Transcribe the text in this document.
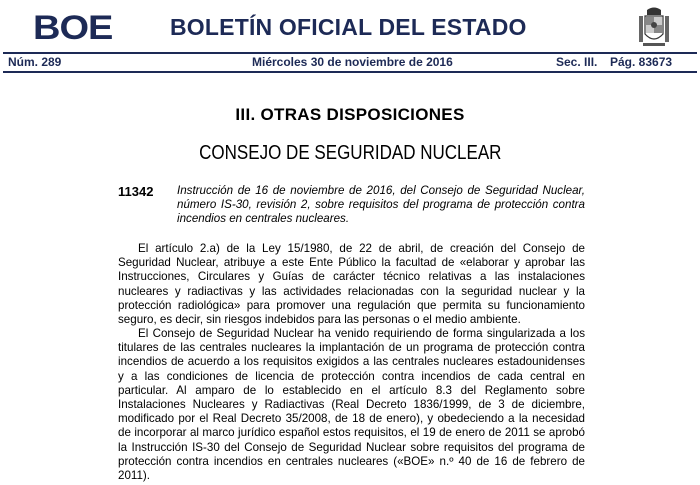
BOE	BOLETÍN OFICIAL DEL ESTADO
Núm. 289	Miércoles 30 de noviembre de 2016	Sec. III. Pág. 83673
III. OTRAS DISPOSICIONES
CONSEJO DE SEGURIDAD NUCLEAR
11342 Instrucción de 16 de noviembre de 2016, del Consejo de Seguridad Nuclear, número IS-30, revisión 2, sobre requisitos del programa de protección contra incendios en centrales nucleares.

El artículo 2.a) de la Ley 15/1980, de 22 de abril, de creación del Consejo de Seguridad Nuclear, atribuye a este Ente Público la facultad de «elaborar y aprobar las Instrucciones, Circulares y Guías de carácter técnico relativas a las instalaciones nucleares y radiactivas y las actividades relacionadas con la seguridad nuclear y la protección radiológica» para promover una regulación que permita su funcionamiento seguro, es decir, sin riesgos indebidos para las personas o el medio ambiente.

El Consejo de Seguridad Nuclear ha venido requiriendo de forma singularizada a los titulares de las centrales nucleares la implantación de un programa de protección contra incendios de acuerdo a los requisitos exigidos a las centrales nucleares estadounidenses y a las condiciones de licencia de protección contra incendios de cada central en particular. Al amparo de lo establecido en el artículo 8.3 del Reglamento sobre Instalaciones Nucleares y Radiactivas (Real Decreto 1836/1999, de 3 de diciembre, modificado por el Real Decreto 35/2008, de 18 de enero), y obedeciendo a la necesidad de incorporar al marco jurídico español estos requisitos, el 19 de enero de 2011 se aprobó la Instrucción IS-30 del Consejo de Seguridad Nuclear sobre requisitos del programa de protección contra incendios en centrales nucleares («BOE» n.º 40 de 16 de febrero de 2011).
